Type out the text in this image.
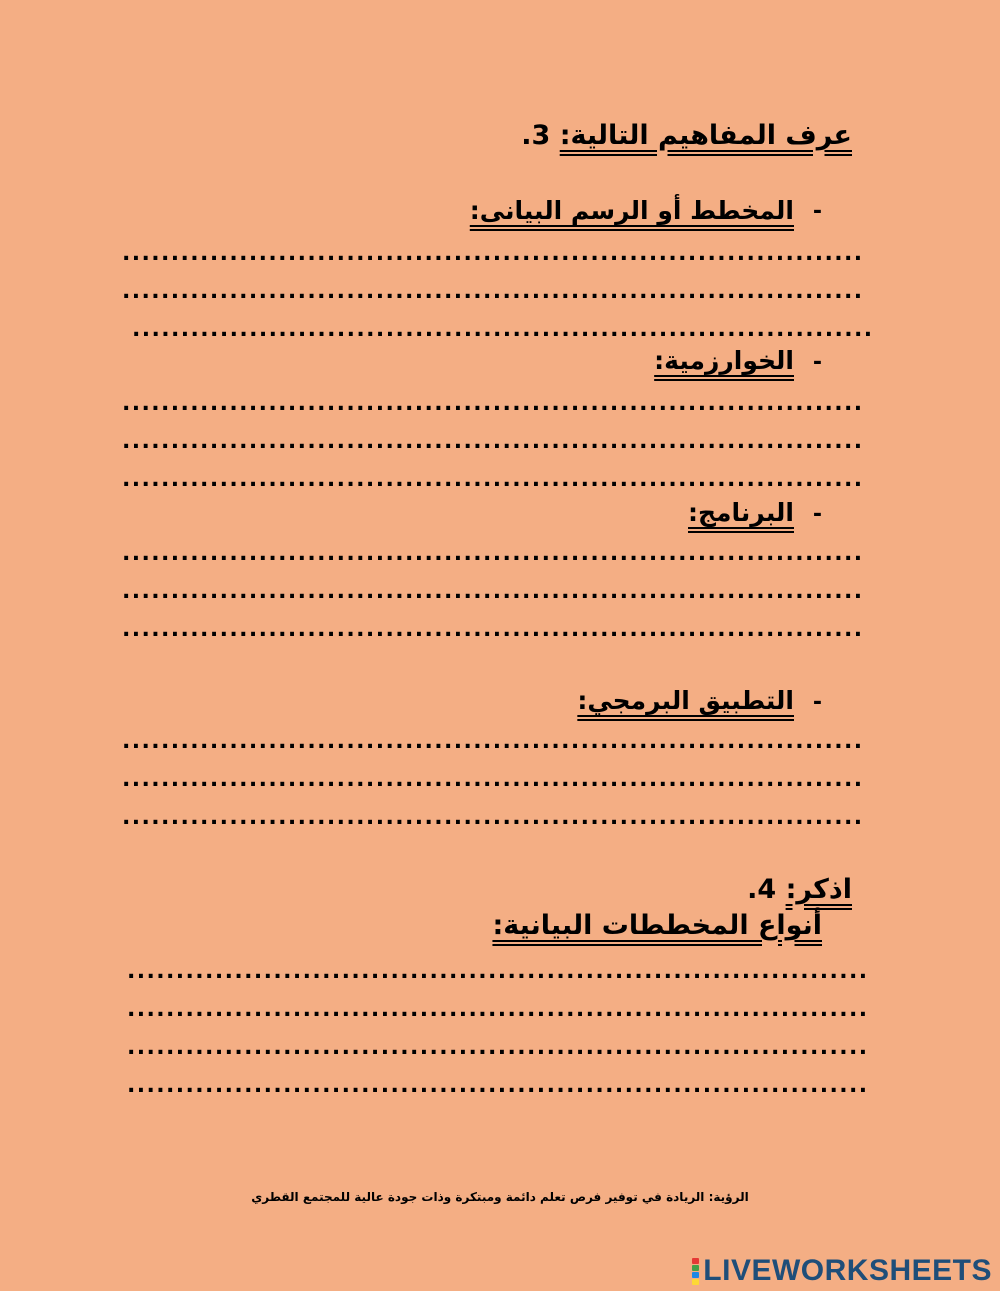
عرف المفاهيم التالية: 3.
-
المخطط أو الرسم البيانى:
............................................................................
............................................................................
............................................................................
-
الخوارزمية:
............................................................................
............................................................................
............................................................................
-
البرنامج:
............................................................................
............................................................................
............................................................................
-
التطبيق البرمجي:
............................................................................
............................................................................
............................................................................
اذكر: 4.
أنواع المخططات البيانية:
............................................................................
............................................................................
............................................................................
............................................................................
الرؤية: الريادة في توفير فرص تعلم دائمة ومبتكرة وذات جودة عالية للمجتمع القطري
LIVEWORKSHEETS
